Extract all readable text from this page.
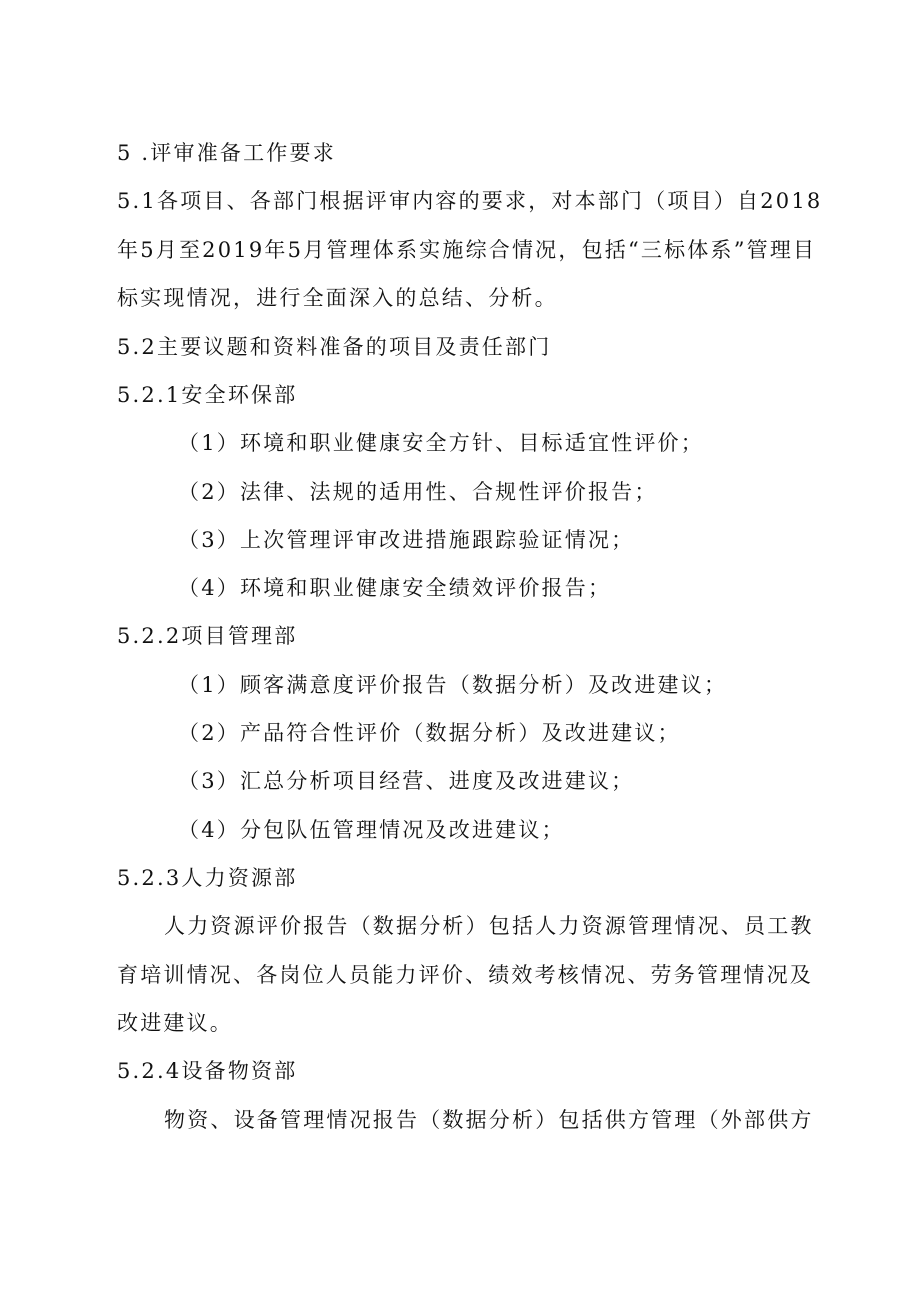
5 .评审准备工作要求
5.1各项目、各部门根据评审内容的要求，对本部门（项目）自2018
年5月至2019年5月管理体系实施综合情况，包括“三标体系”管理目
标实现情况，进行全面深入的总结、分析。
5.2主要议题和资料准备的项目及责任部门
5.2.1安全环保部
（1）环境和职业健康安全方针、目标适宜性评价；
（2）法律、法规的适用性、合规性评价报告；
（3）上次管理评审改进措施跟踪验证情况；
（4）环境和职业健康安全绩效评价报告；
5.2.2项目管理部
（1）顾客满意度评价报告（数据分析）及改进建议；
（2）产品符合性评价（数据分析）及改进建议；
（3）汇总分析项目经营、进度及改进建议；
（4）分包队伍管理情况及改进建议；
5.2.3人力资源部
人力资源评价报告（数据分析）包括人力资源管理情况、员工教
育培训情况、各岗位人员能力评价、绩效考核情况、劳务管理情况及
改进建议。
5.2.4设备物资部
物资、设备管理情况报告（数据分析）包括供方管理（外部供方
